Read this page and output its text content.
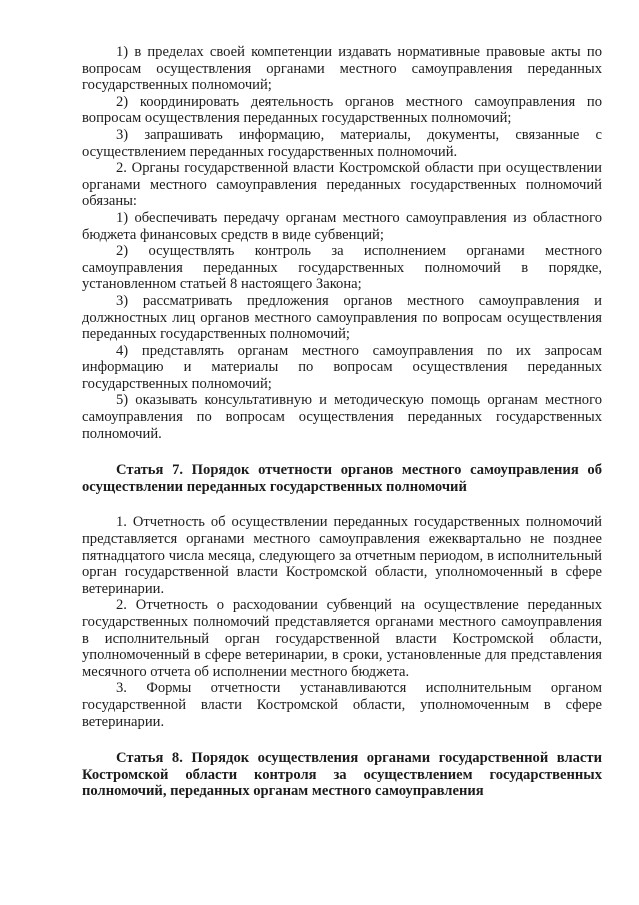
1) в пределах своей компетенции издавать нормативные правовые акты по вопросам осуществления органами местного самоуправления переданных государственных полномочий;

2) координировать деятельность органов местного самоуправления по вопросам осуществления переданных государственных полномочий;

3) запрашивать информацию, материалы, документы, связанные с осуществлением переданных государственных полномочий.

2. Органы государственной власти Костромской области при осуществлении органами местного самоуправления переданных государственных полномочий обязаны:

1) обеспечивать передачу органам местного самоуправления из областного бюджета финансовых средств в виде субвенций;

2) осуществлять контроль за исполнением органами местного самоуправления переданных государственных полномочий в порядке, установленном статьей 8 настоящего Закона;

3) рассматривать предложения органов местного самоуправления и должностных лиц органов местного самоуправления по вопросам осуществления переданных государственных полномочий;

4) представлять органам местного самоуправления по их запросам информацию и материалы по вопросам осуществления переданных государственных полномочий;

5) оказывать консультативную и методическую помощь органам местного самоуправления по вопросам осуществления переданных государственных полномочий.

Статья 7. Порядок отчетности органов местного самоуправления об осуществлении переданных государственных полномочий

1. Отчетность об осуществлении переданных государственных полномочий представляется органами местного самоуправления ежеквартально не позднее пятнадцатого числа месяца, следующего за отчетным периодом, в исполнительный орган государственной власти Костромской области, уполномоченный в сфере ветеринарии.

2. Отчетность о расходовании субвенций на осуществление переданных государственных полномочий представляется органами местного самоуправления в исполнительный орган государственной власти Костромской области, уполномоченный в сфере ветеринарии, в сроки, установленные для представления месячного отчета об исполнении местного бюджета.

3. Формы отчетности устанавливаются исполнительным органом государственной власти Костромской области, уполномоченным в сфере ветеринарии.

Статья 8. Порядок осуществления органами государственной власти Костромской области контроля за осуществлением государственных полномочий, переданных органам местного самоуправления
